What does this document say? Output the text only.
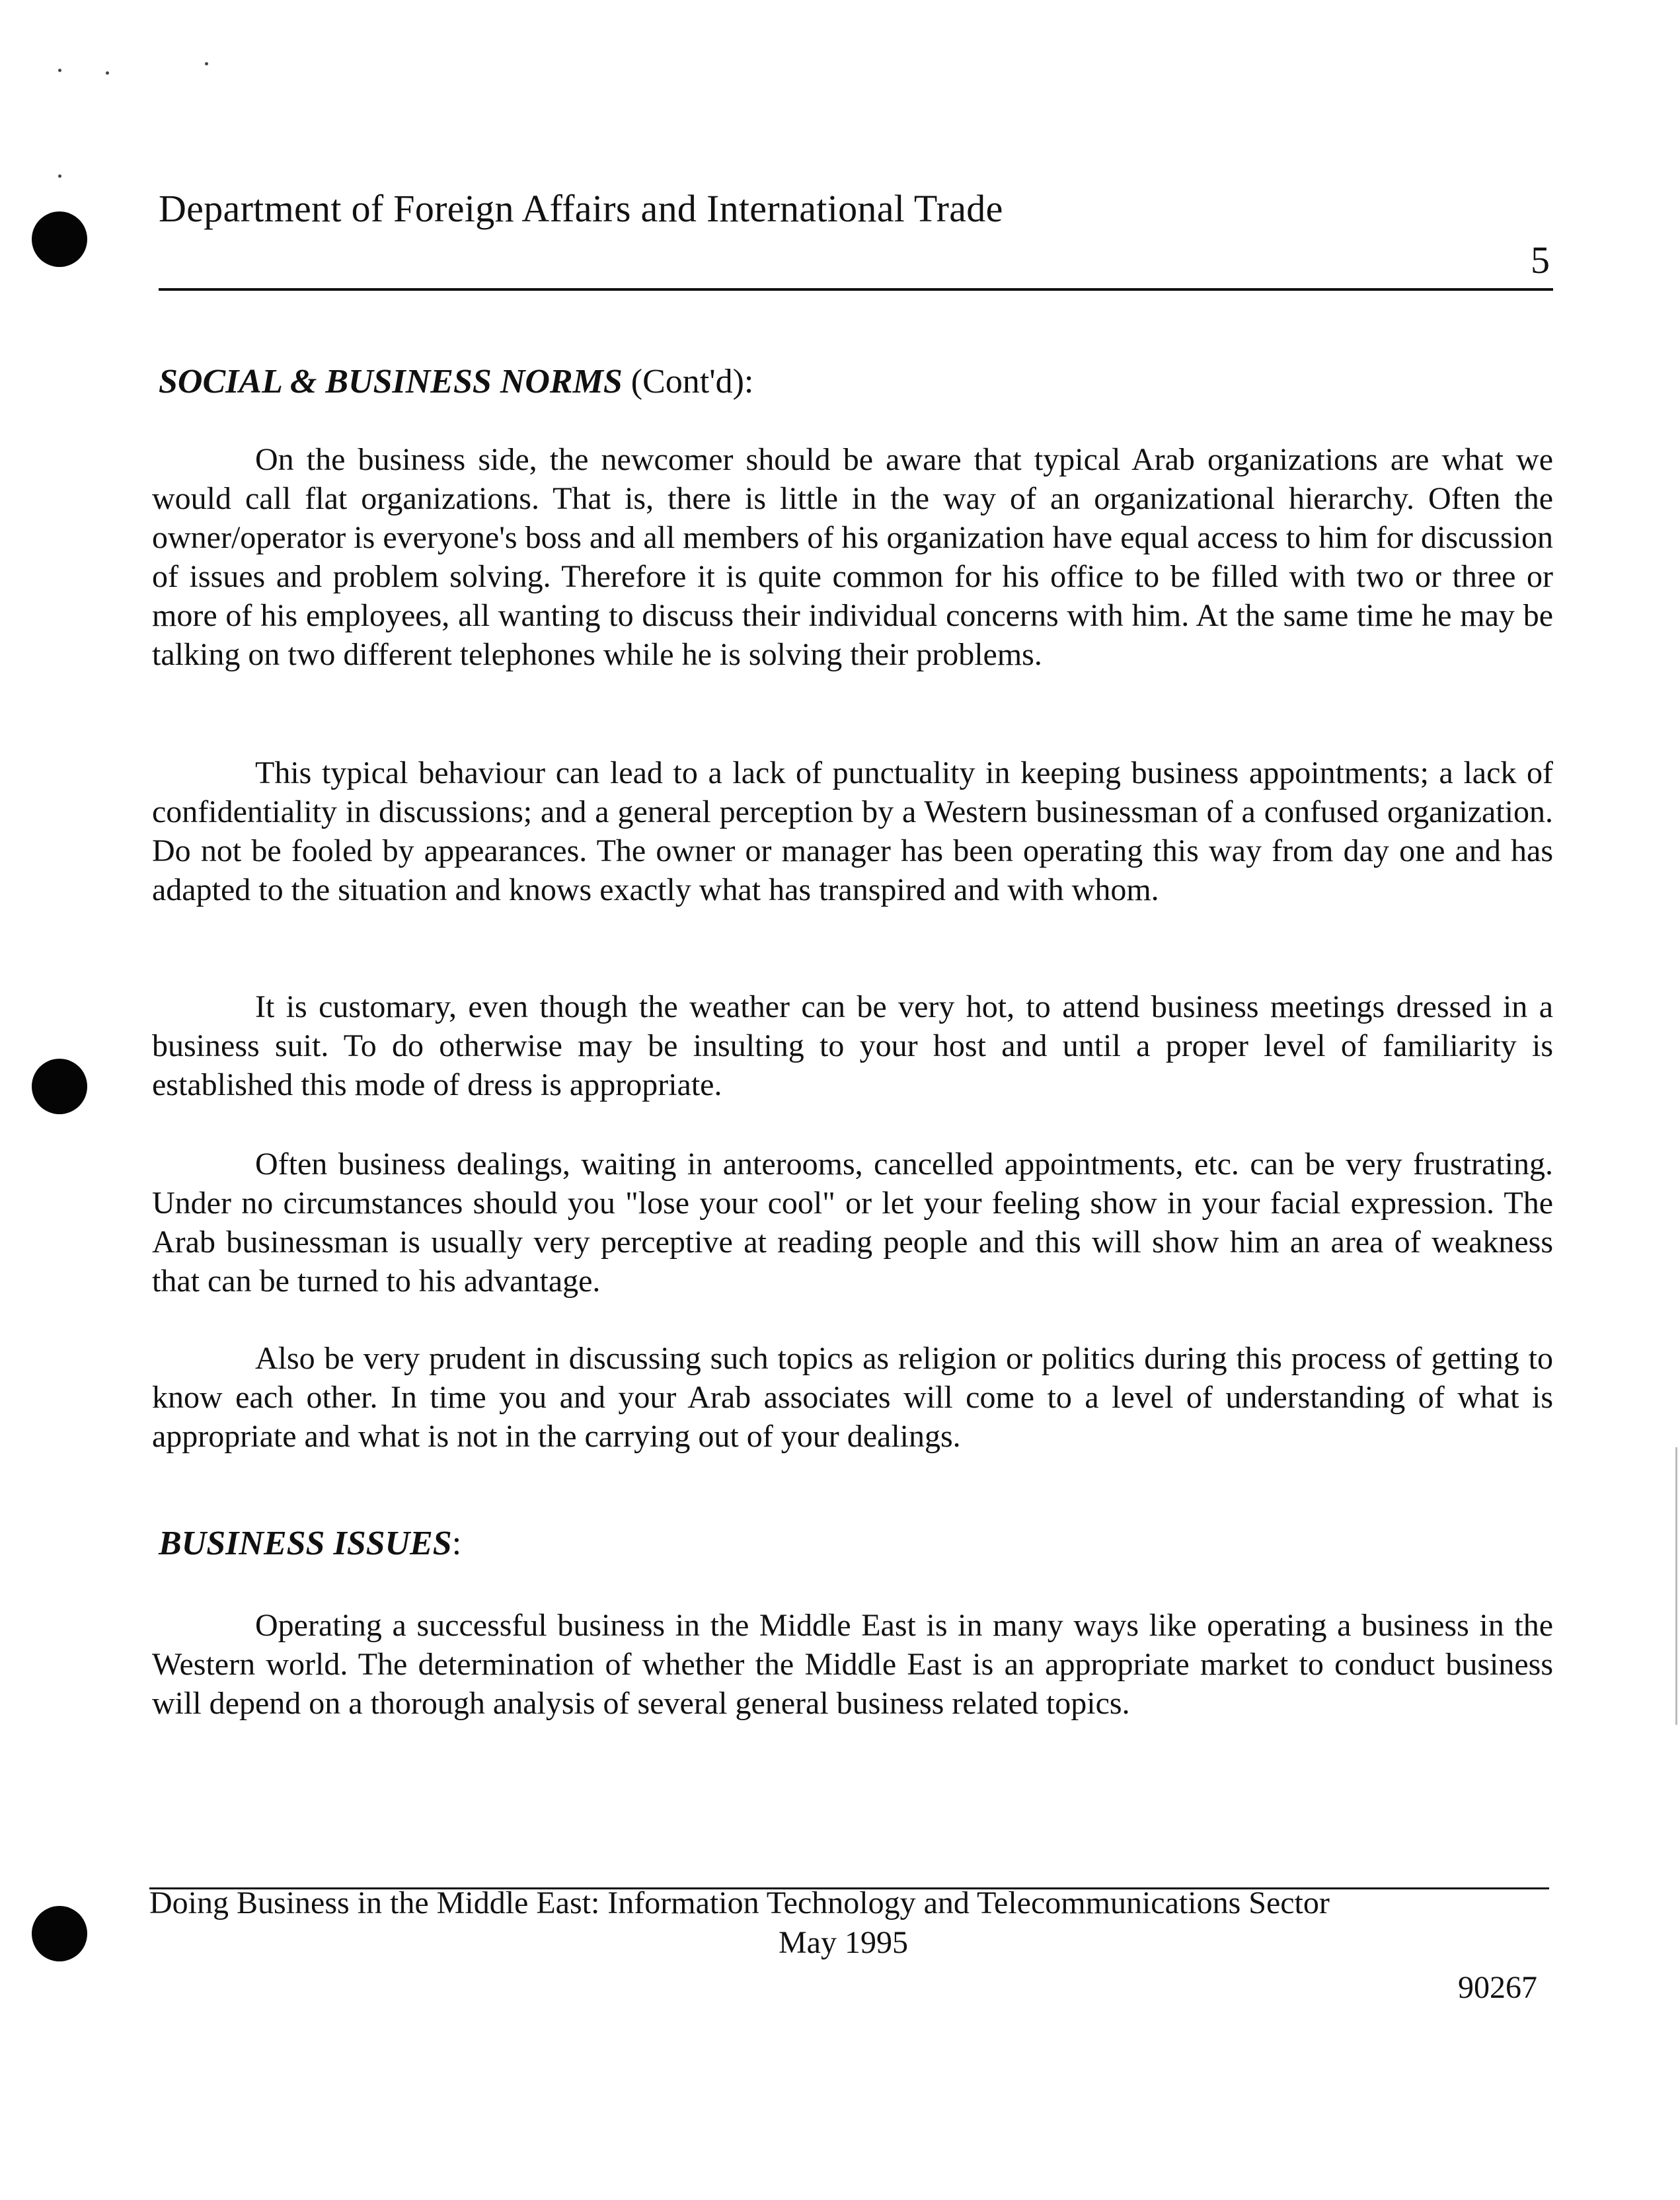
Department of Foreign Affairs and International Trade
5
SOCIAL & BUSINESS NORMS (Cont'd):

On the business side, the newcomer should be aware that typical Arab organizations are what we would call flat organizations. That is, there is little in the way of an organizational hierarchy. Often the owner/operator is everyone's boss and all members of his organization have equal access to him for discussion of issues and problem solving. Therefore it is quite common for his office to be filled with two or three or more of his employees, all wanting to discuss their individual concerns with him. At the same time he may be talking on two different telephones while he is solving their problems.

This typical behaviour can lead to a lack of punctuality in keeping business appointments; a lack of confidentiality in discussions; and a general perception by a Western businessman of a confused organization. Do not be fooled by appearances. The owner or manager has been operating this way from day one and has adapted to the situation and knows exactly what has transpired and with whom.

It is customary, even though the weather can be very hot, to attend business meetings dressed in a business suit. To do otherwise may be insulting to your host and until a proper level of familiarity is established this mode of dress is appropriate.

Often business dealings, waiting in anterooms, cancelled appointments, etc. can be very frustrating. Under no circumstances should you "lose your cool" or let your feeling show in your facial expression. The Arab businessman is usually very perceptive at reading people and this will show him an area of weakness that can be turned to his advantage.

Also be very prudent in discussing such topics as religion or politics during this process of getting to know each other. In time you and your Arab associates will come to a level of understanding of what is appropriate and what is not in the carrying out of your dealings.

BUSINESS ISSUES:

Operating a successful business in the Middle East is in many ways like operating a business in the Western world. The determination of whether the Middle East is an appropriate market to conduct business will depend on a thorough analysis of several general business related topics.

Doing Business in the Middle East: Information Technology and Telecommunications Sector
May 1995
90267
